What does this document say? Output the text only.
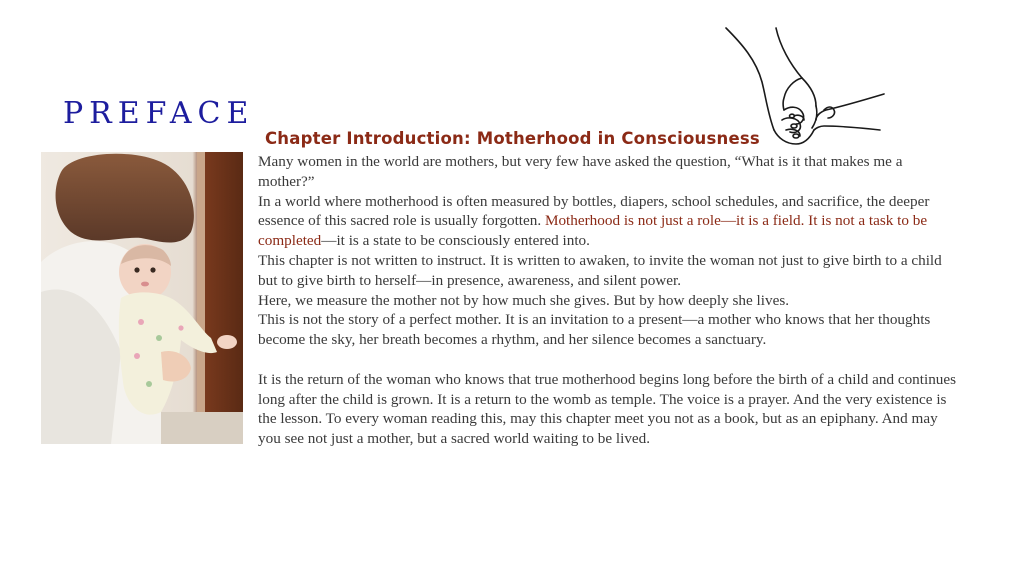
PREFACE
Chapter Introduction: Motherhood in Consciousness

Many women in the world are mothers, but very few have asked the question, “What is it that makes me a mother?”

In a world where motherhood is often measured by bottles, diapers, school schedules, and sacrifice, the deeper essence of this sacred role is usually forgotten. Motherhood is not just a role—it is a field. It is not a task to be completed—it is a state to be consciously entered into.

This chapter is not written to instruct. It is written to awaken, to invite the woman not just to give birth to a child but to give birth to herself—in presence, awareness, and silent power.

Here, we measure the mother not by how much she gives. But by how deeply she lives.

This is not the story of a perfect mother. It is an invitation to a present—a mother who knows that her thoughts become the sky, her breath becomes a rhythm, and her silence becomes a sanctuary.

It is the return of the woman who knows that true motherhood begins long before the birth of a child and continues long after the child is grown. It is a return to the womb as temple. The voice is a prayer. And the very existence is the lesson. To every woman reading this, may this chapter meet you not as a book, but as an epiphany. And may you see not just a mother, but a sacred world waiting to be lived.
